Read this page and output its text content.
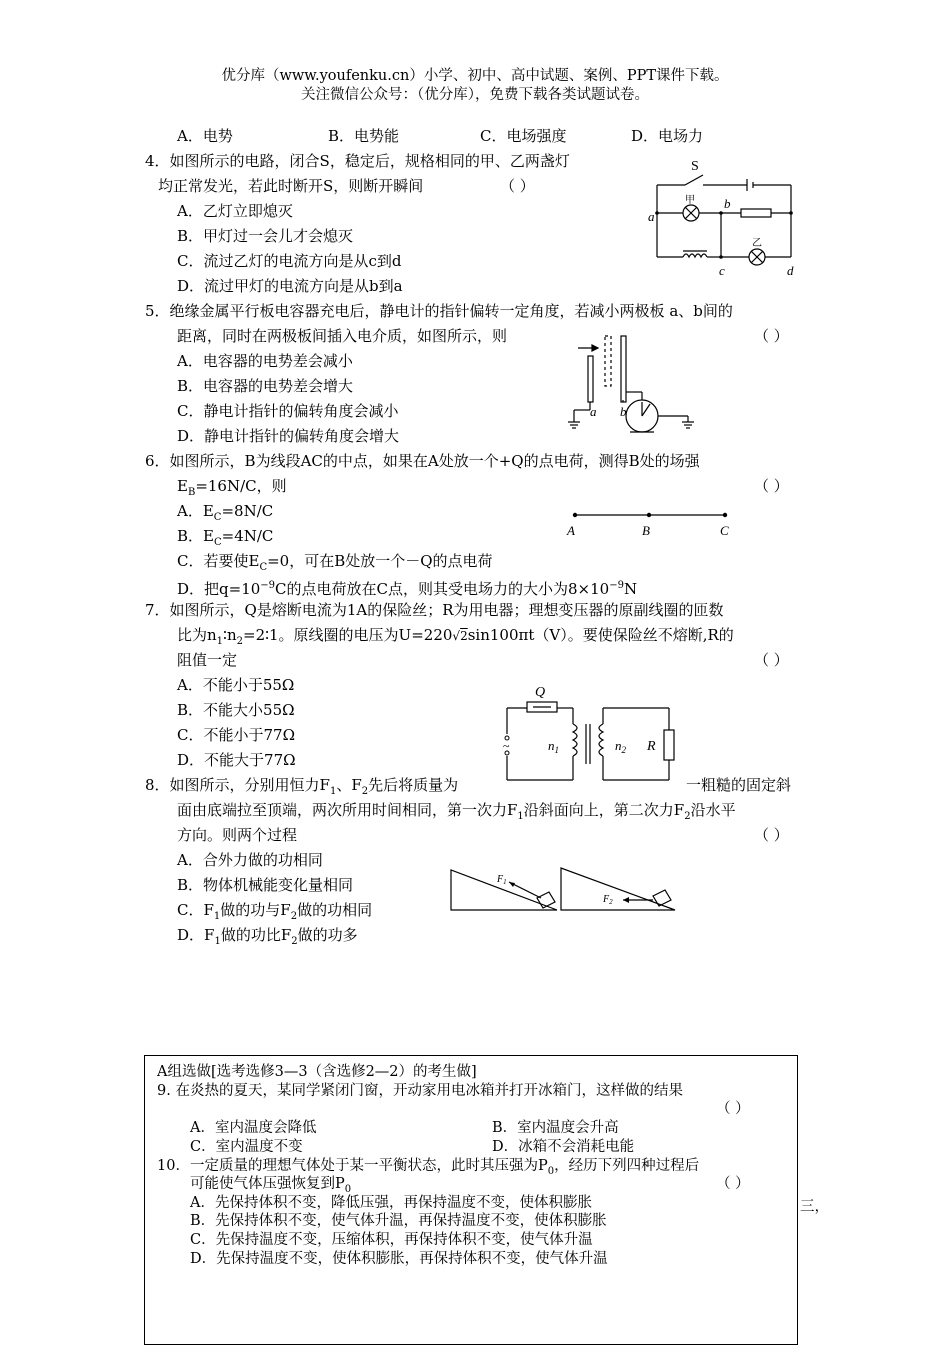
优分库（www.youfenku.cn）小学、初中、高中试题、案例、PPT课件下载。
关注微信公众号：（优分库），免费下载各类试题试卷。
A．电势	B．电势能	C．电场强度	D．电场力
4．如图所示的电路，闭合S，稳定后，规格相同的甲、乙两盏灯
均正常发光，若此时断开S，则断开瞬间	（ ）
A．乙灯立即熄灭
B．甲灯过一会儿才会熄灭
C．流过乙灯的电流方向是从c到d
D．流过甲灯的电流方向是从b到a
S
甲
乙
a
b
c	d
5．绝缘金属平行板电容器充电后，静电计的指针偏转一定角度，若减小两极板 a、b间的
距离，同时在两极板间插入电介质，如图所示，则	（ ）
A．电容器的电势差会减小
B．电容器的电势差会增大
C．静电计指针的偏转角度会减小
D．静电计指针的偏转角度会增大
a b
6．如图所示，B为线段AC的中点，如果在A处放一个+Q的点电荷，测得B处的场强
$E_B=16N/C$，则	（ ）
A．$E_C=8N/C$
B．$E_C=4N/C$
C．若要使$E_C=0$，可在B处放一个－Q的点电荷
D．把$q=10^{-9}C$的点电荷放在C点，则其受电场力的大小为$8\times 10^{-9}N$
A	B	C
7．如图所示，Q是熔断电流为1A的保险丝；R为用电器；理想变压器的原副线圈的匝数
比为$n_1∶n_2=2∶1$。原线圈的电压为U=220√2sin100πt（V）。要使保险丝不熔断,R的
阻值一定	（ ）
A．不能小于55Ω
B．不能大小55Ω
C．不能小于77Ω
D．不能大于77Ω
~
Q
$n_1$	$n_2$ R
8．如图所示，分别用恒力$F_1$、$F_2$先后将质量为	一粗糙的固定斜
面由底端拉至顶端，两次所用时间相同，第一次力$F_1$沿斜面向上，第二次力$F_2$沿水平
方向。则两个过程	（ ）
A．合外力做的功相同
B．物体机械能变化量相同
C．$F_1$做的功与$F_2$做的功相同
D．$F_1$做的功比$F_2$做的功多
$F_1$
$F_2$
A组选做[选考选修3—3（含选修2—2）的考生做]
9. 在炎热的夏天，某同学紧闭门窗，开动家用电冰箱并打开冰箱门，这样做的结果
（ ）
A．室内温度会降低	B．室内温度会升高
C．室内温度不变	D．冰箱不会消耗电能
10．一定质量的理想气体处于某一平衡状态，此时其压强为$P_0$，经历下列四种过程后
可能使气体压强恢复到$P_0$	（ ）
A．先保持体积不变，降低压强，再保持温度不变，使体积膨胀
B．先保持体积不变，使气体升温，再保持温度不变，使体积膨胀
C．先保持温度不变，压缩体积，再保持体积不变，使气体升温
D．先保持温度不变，使体积膨胀，再保持体积不变，使气体升温
三，
